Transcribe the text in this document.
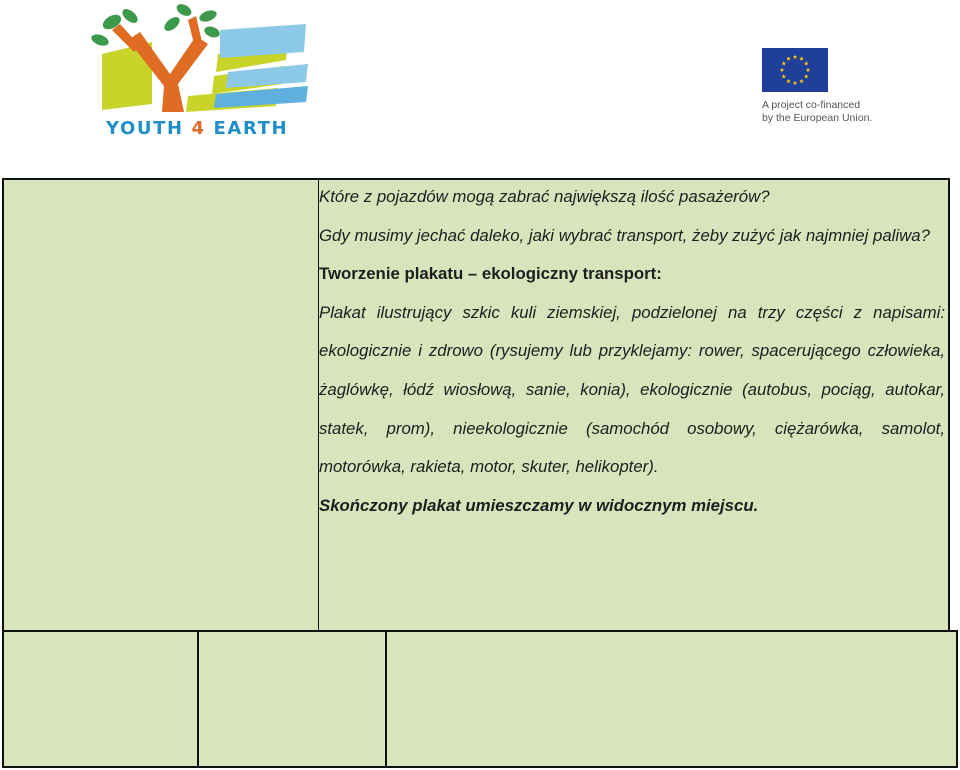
YOUTH 4 EARTH
A project co-financed
by the European Union.

Które z pojazdów mogą zabrać największą ilość pasażerów?

Gdy musimy jechać daleko, jaki wybrać transport, żeby zużyć jak najmniej paliwa?

Tworzenie plakatu – ekologiczny transport:

Plakat ilustrujący szkic kuli ziemskiej, podzielonej na trzy części z napisami: ekologicznie i zdrowo (rysujemy lub przyklejamy: rower, spacerującego człowieka, żaglówkę, łódź wiosłową, sanie, konia), ekologicznie (autobus, pociąg, autokar, statek, prom), nieekologicznie (samochód osobowy, ciężarówka, samolot, motorówka, rakieta, motor, skuter, helikopter).

Skończony plakat umieszczamy w widocznym miejscu.
